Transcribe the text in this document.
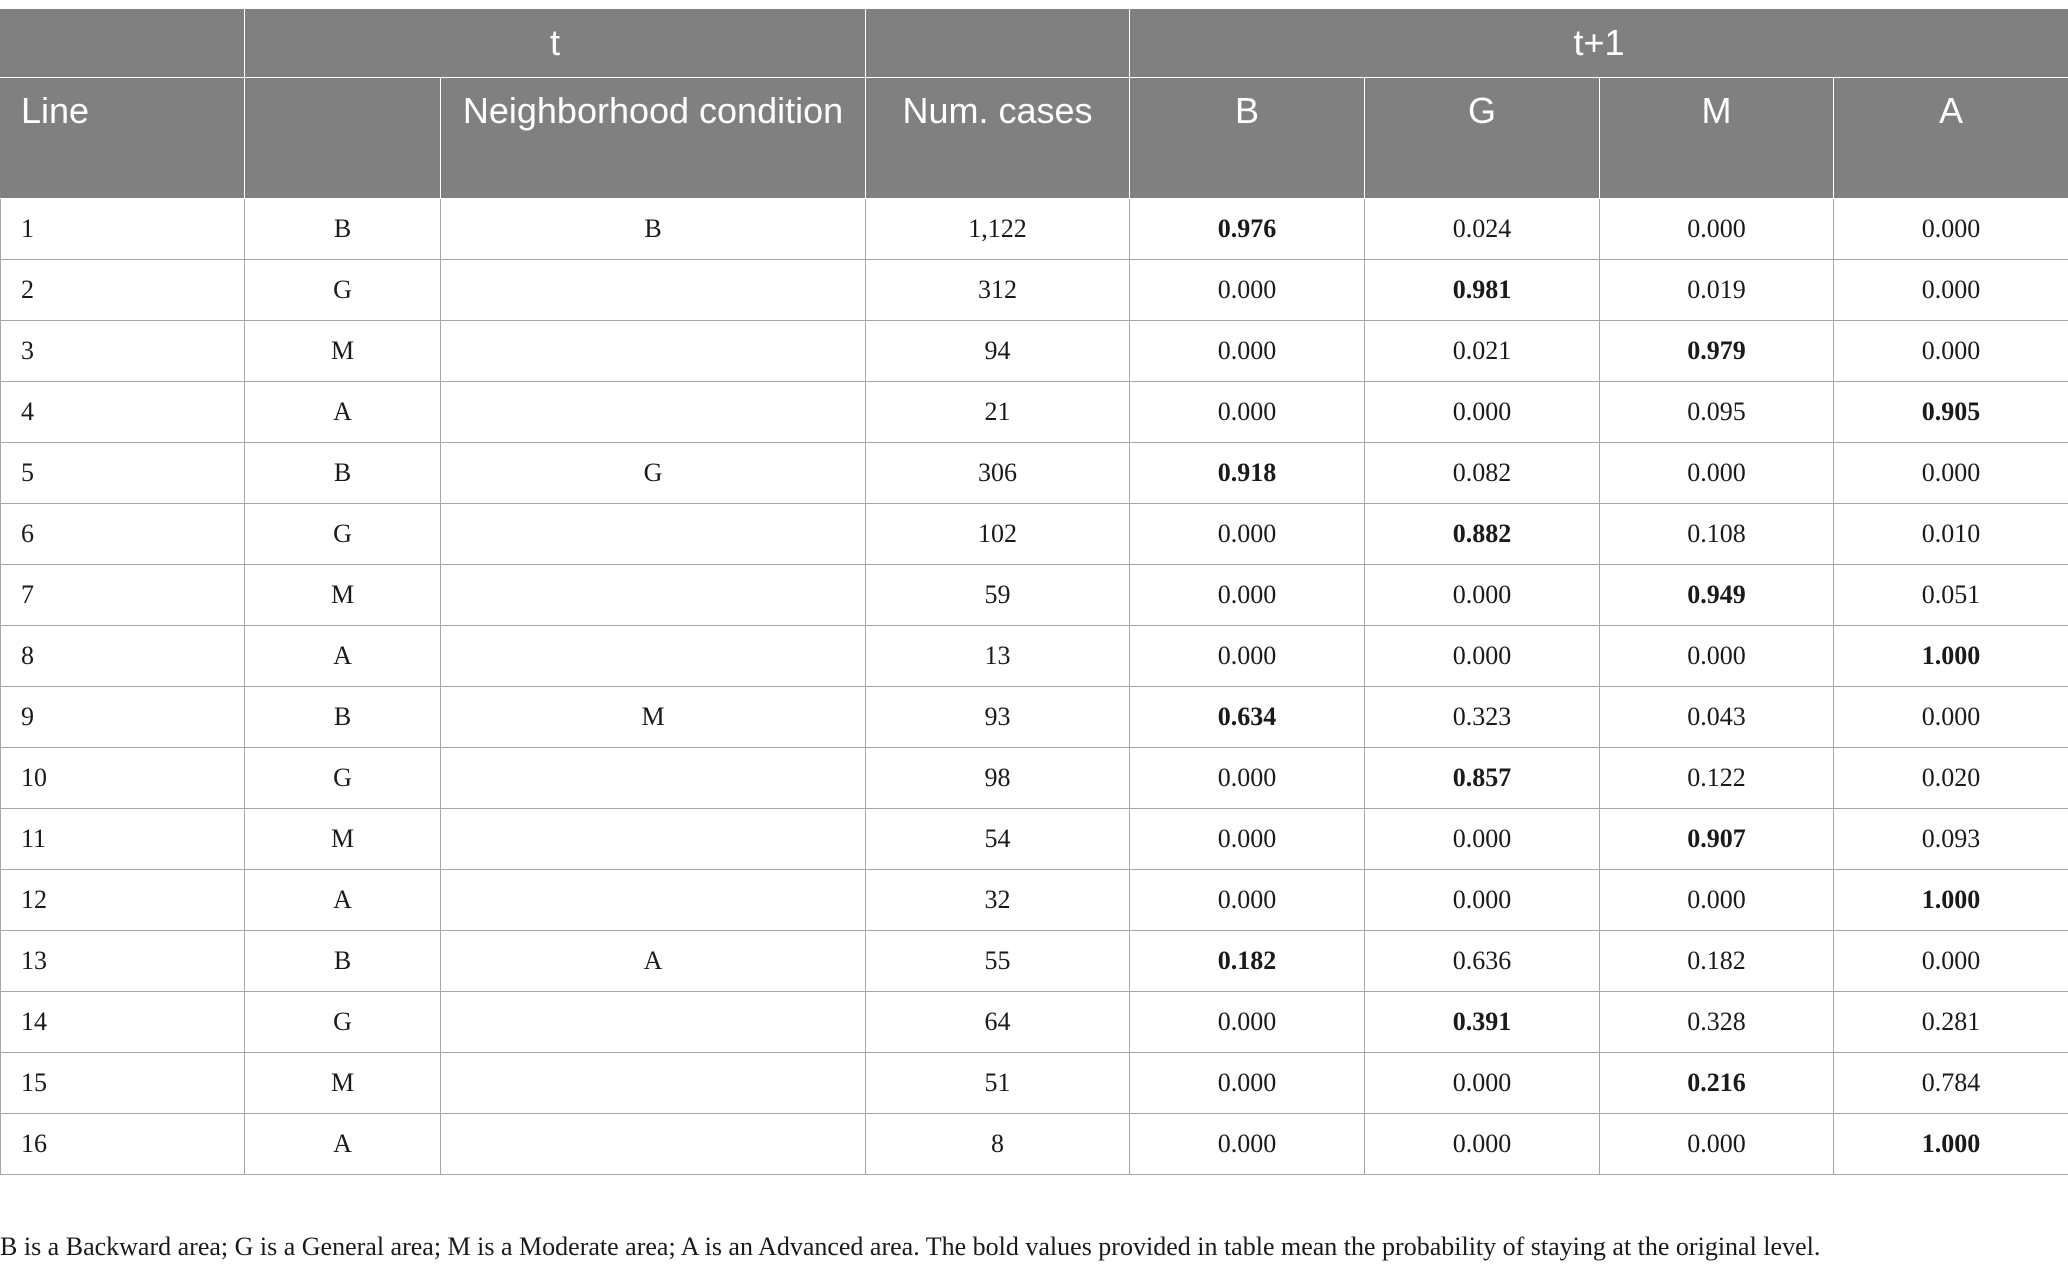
	t			t+1			
Line		Neighborhood condition	Num. cases	B	G	M	A
1	B	B	1,122	0.976	0.024	0.000	0.000
2	G		312	0.000	0.981	0.019	0.000
3	M		94	0.000	0.021	0.979	0.000
4	A		21	0.000	0.000	0.095	0.905
5	B	G	306	0.918	0.082	0.000	0.000
6	G		102	0.000	0.882	0.108	0.010
7	M		59	0.000	0.000	0.949	0.051
8	A		13	0.000	0.000	0.000	1.000
9	B	M	93	0.634	0.323	0.043	0.000
10	G		98	0.000	0.857	0.122	0.020
11	M		54	0.000	0.000	0.907	0.093
12	A		32	0.000	0.000	0.000	1.000
13	B	A	55	0.182	0.636	0.182	0.000
14	G		64	0.000	0.391	0.328	0.281
15	M		51	0.000	0.000	0.216	0.784
16	A		8	0.000	0.000	0.000	1.000
B is a Backward area; G is a General area; M is a Moderate area; A is an Advanced area. The bold values provided in table mean the probability of staying at the original level.
